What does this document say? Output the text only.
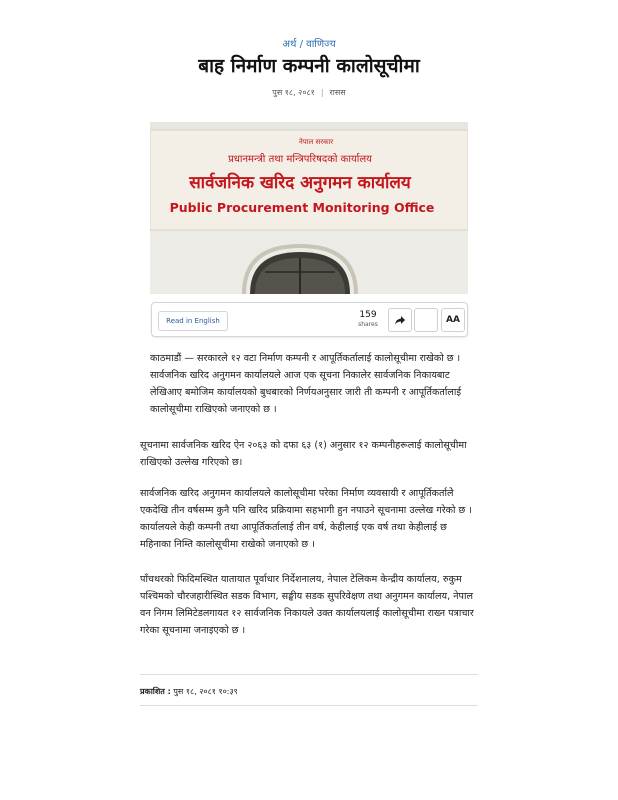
अर्थ / वाणिज्य
बाह निर्माण कम्पनी कालोसूचीमा
पुस १८, २०८१ | रासस
नेपाल सरकार
प्रधानमन्त्री तथा मन्त्रिपरिषदको कार्यालय
सार्वजनिक खरिद अनुगमन कार्यालय
Public Procurement Monitoring Office
Read in English
159
shares	AA

काठमाडौं — सरकारले १२ वटा निर्माण कम्पनी र आपूर्तिकर्तालाई कालोसूचीमा राखेको छ । सार्वजनिक खरिद अनुगमन कार्यालयले आज एक सूचना निकालेर सार्वजनिक निकायबाट लेखिआए बमोजिम कार्यालयको बुधबारको निर्णयअनुसार जारी ती कम्पनी र आपूर्तिकर्तालाई कालोसूचीमा राखिएको जनाएको छ ।

सूचनामा सार्वजनिक खरिद ऐन २०६३ को दफा ६३ (१) अनुसार १२ कम्पनीहरूलाई कालोसूचीमा राखिएको उल्लेख गरिएको छ।

सार्वजनिक खरिद अनुगमन कार्यालयले कालोसूचीमा परेका निर्माण व्यवसायी र आपूर्तिकर्तालेे एकदेखि तीन वर्षसम्म कुनै पनि खरिद प्रक्रियामा सहभागी हुन नपाउने सूचनामा उल्लेख गरेको छ । कार्यालयले केही कम्पनी तथा आपूर्तिकर्तालाई तीन वर्ष, केहीलाई एक वर्ष तथा केहीलाई छ महिनाका निम्ति कालोसूचीमा राखेको जनाएको छ ।

पाँचथरको फिदिमस्थित यातायात पूर्वाधार निर्देशनालय, नेपाल टेलिकम केन्द्रीय कार्यालय, रुकुम पश्चिमको चौरजहारीस्थित सडक विभाग, सङ्घीय सडक सुपरिवेक्षण तथा अनुगमन कार्यालय, नेपाल वन निगम लिमिटेडलगायत १२ सार्वजनिक निकायले उक्त कार्यालयलाई कालोसूचीमा राख्न पत्राचार गरेका सूचनामा जनाइएको छ ।

प्रकाशित : पुस १८, २०८१ १०:३९
